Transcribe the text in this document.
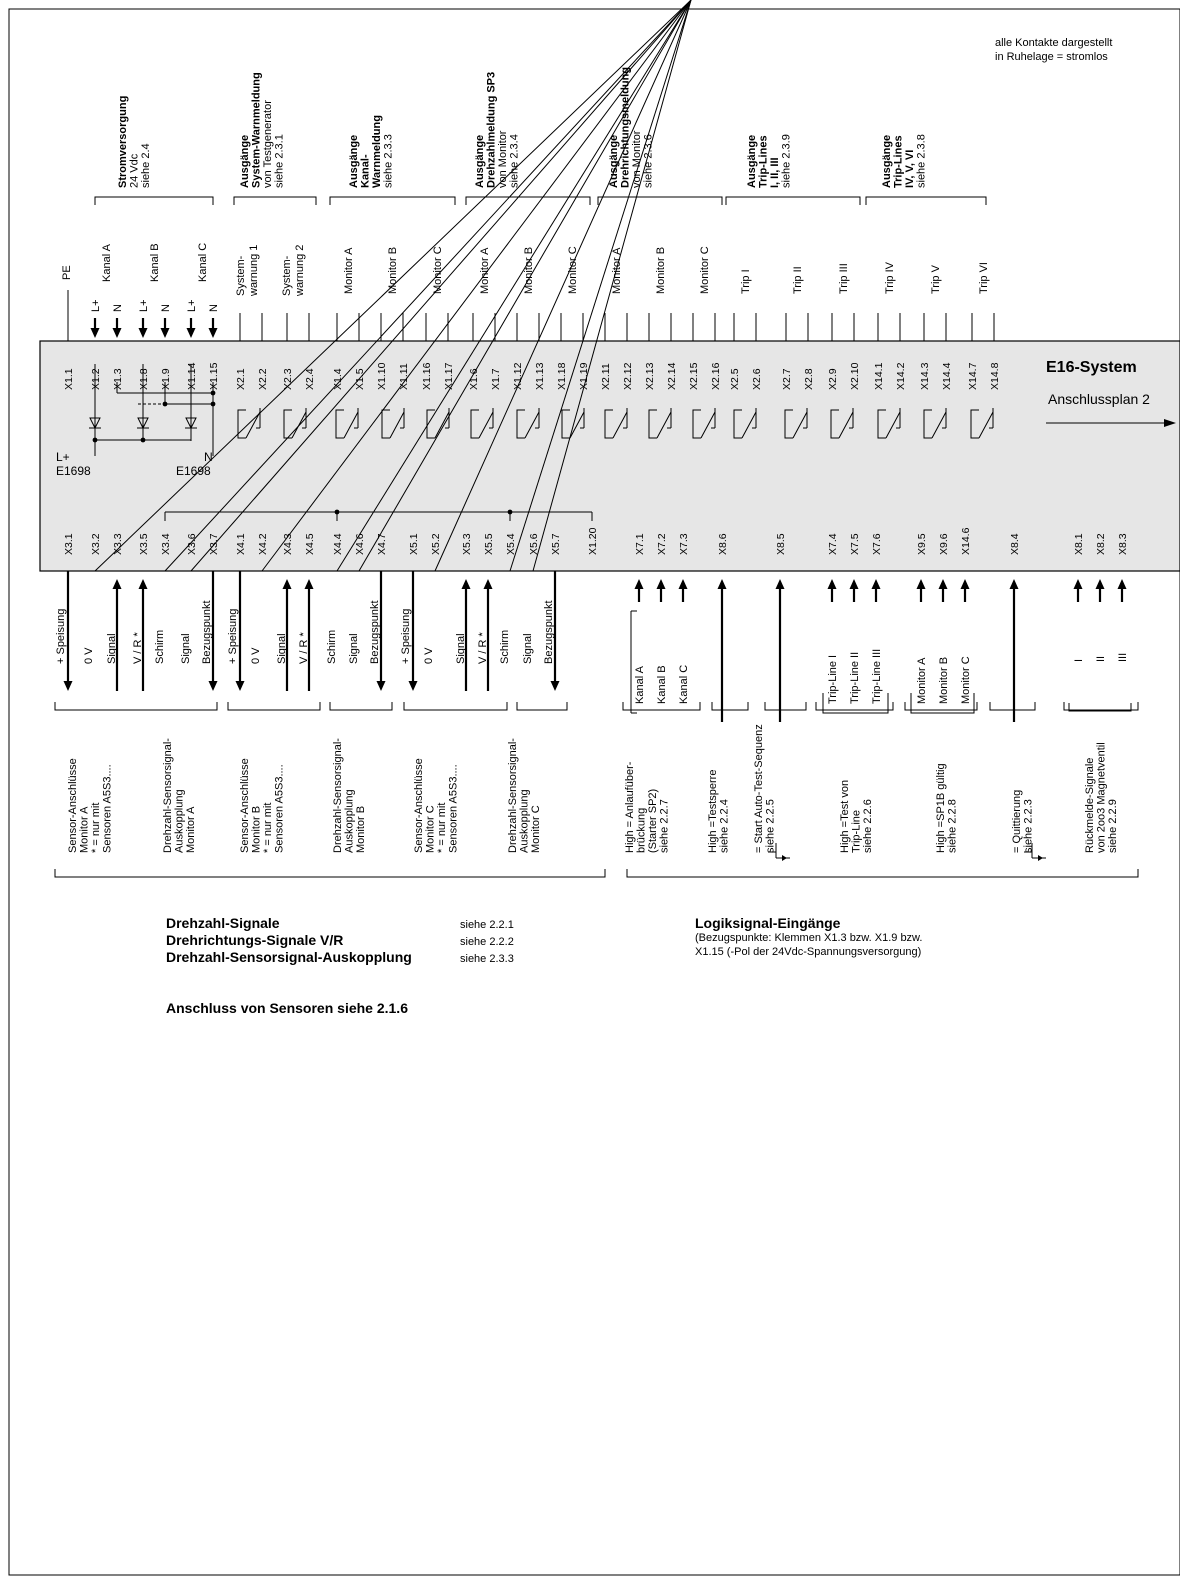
E16-System
Anschlussplan 2
alle Kontakte dargestellt
in Ruhelage = stromlos
X1.1 X1.2 X1.3 X1.8 X1.9 X1.14 X1.15 X2.1 X2.2 X2.3 X2.4 X1.4 X1.5 X1.10 X1.11 X1.16 X1.17 X1.6 X1.7 X1.12 X1.13 X1.18 X1.19 X2.11 X2.12 X2.13 X2.14 X2.15 X2.16 X2.5 X2.6 X2.7 X2.8 X2.9 X2.10 X14.1 X14.2 X14.3 X14.4 X14.7 X14.8
PE
L+ N L+ N L+ N
Kanal A	Kanal B	Kanal C System- warnung 1 System- warnung 2	Monitor A	Monitor B	Monitor C	Monitor A	Monitor B	Monitor C	Monitor A	Monitor B	Monitor C	Trip I	Trip II	Trip III	Trip IV	Trip V	Trip VI
Stromversorgung 24 Vdc siehe 2.4	Ausgänge System-Warnmeldung von Testgenerator siehe 2.3.1	Ausgänge Kanal- Warnmeldung siehe 2.3.3	Ausgänge Drehzahlmeldung SP3 von Monitor siehe 2.3.4	Ausgänge Drehrichtungsmeldung von Monitor siehe 2.3.6	Ausgänge Trip-Lines I, II, III siehe 2.3.9	Ausgänge Trip-Lines IV, V, VI siehe 2.3.8
L+
E1698
N
E1698
X3.1 X3.2 X3.3 X3.5 X3.4 X3.6 X3.7 X4.1 X4.2 X4.3 X4.5 X4.4 X4.6 X4.7 X5.1 X5.2 X5.3 X5.5 X5.4 X5.6 X5.7 X1.20	X7.1 X7.2 X7.3	X8.6	X8.5	X7.4 X7.5 X7.6	X9.5 X9.6 X14.6	X8.4	X8.1 X8.2 X8.3
+ Speisung 0 V Signal V / R * Schirm Signal Bezugspunkt + Speisung 0 V Signal V / R * Schirm Signal Bezugspunkt + Speisung 0 V Signal V / R * Schirm Signal Bezugspunkt
Kanal A Kanal B Kanal C	Trip-Line I Trip-Line II Trip-Line III	Monitor A Monitor B Monitor C	I II III
Sensor-Anschlüsse Monitor A * = nur mit Sensoren A5S3....	Drehzahl-Sensorsignal- Auskopplung Monitor A	Sensor-Anschlüsse Monitor B * = nur mit Sensoren A5S3....	Drehzahl-Sensorsignal- Auskopplung Monitor B	Sensor-Anschlüsse Monitor C * = nur mit Sensoren A5S3....	Drehzahl-Sensorsignal- Auskopplung Monitor C	High = Anlaufüber- brückung (Starter SP2) siehe 2.2.7	High =Testsperre siehe 2.2.4 = Start Auto-Test-Sequenz siehe 2.2.5	High =Test von Trip-Line siehe 2.2.6	High =SP1B gültig siehe 2.2.8	= Quittierung siehe 2.2.3	Rückmelde-Signale von 2oo3 Magnetventil siehe 2.2.9
Drehzahl-Signale	siehe 2.2.1
Drehrichtungs-Signale V/R	siehe 2.2.2
Drehzahl-Sensorsignal-Auskopplung	siehe 2.3.3
Anschluss von Sensoren siehe 2.1.6
Logiksignal-Eingänge
(Bezugspunkte: Klemmen X1.3 bzw. X1.9 bzw.
X1.15 (-Pol der 24Vdc-Spannungsversorgung)
